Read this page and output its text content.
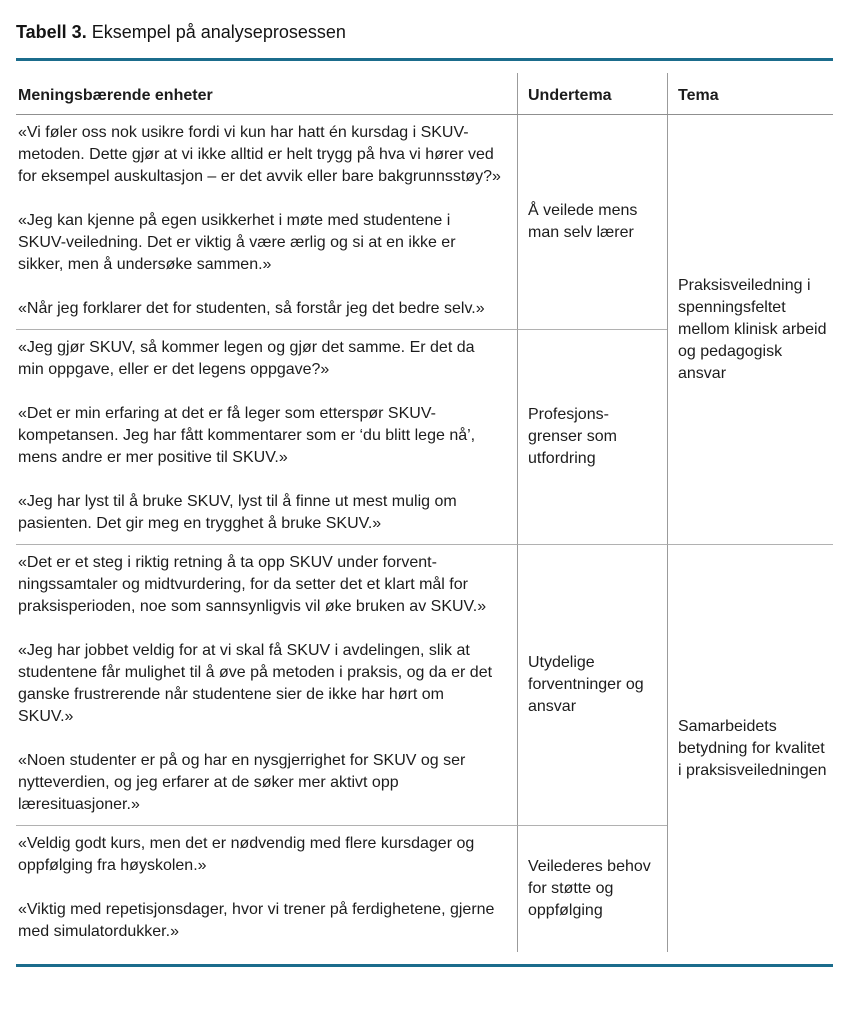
Tabell 3. Eksempel på analyseprosessen
Meningsbærende enheter	Undertema	Tema

«Vi føler oss nok usikre fordi vi kun har hatt én kursdag i SKUV-metoden. Dette gjør at vi ikke alltid er helt trygg på hva vi hører ved for eksempel auskultasjon – er det avvik eller bare bakgrunnsstøy?»

«Jeg kan kjenne på egen usikkerhet i møte med studentene i SKUV-veiledning. Det er viktig å være ærlig og si at en ikke er sikker, men å undersøke sammen.»

«Når jeg forklarer det for studenten, så forstår jeg det bedre selv.»

Å veilede mens man selv lærer
Praksisveiledning i spenningsfeltet mellom klinisk arbeid og pedagogisk ansvar

«Jeg gjør SKUV, så kommer legen og gjør det samme. Er det da min oppgave, eller er det legens oppgave?»

«Det er min erfaring at det er få leger som etterspør SKUV-kompetansen. Jeg har fått kommentarer som er ‘du blitt lege nå’, mens andre er mer positive til SKUV.»

«Jeg har lyst til å bruke SKUV, lyst til å finne ut mest mulig om pasienten. Det gir meg en trygghet å bruke SKUV.»

Profesjonsgrenser som utfordring

«Det er et steg i riktig retning å ta opp SKUV under forventningssamtaler og midtvurdering, for da setter det et klart mål for praksisperioden, noe som sannsynligvis vil øke bruken av SKUV.»

«Jeg har jobbet veldig for at vi skal få SKUV i avdelingen, slik at studentene får mulighet til å øve på metoden i praksis, og da er det ganske frustrerende når studentene sier de ikke har hørt om SKUV.»

«Noen studenter er på og har en nysgjerrighet for SKUV og ser nytteverdien, og jeg erfarer at de søker mer aktivt opp læresituasjoner.»

Utydelige forventninger og ansvar
Samarbeidets betydning for kvalitet i praksisveiledningen

«Veldig godt kurs, men det er nødvendig med flere kursdager og oppfølging fra høyskolen.»

«Viktig med repetisjonsdager, hvor vi trener på ferdighetene, gjerne med simulatordukker.»

Veilederes behov for støtte og oppfølging
